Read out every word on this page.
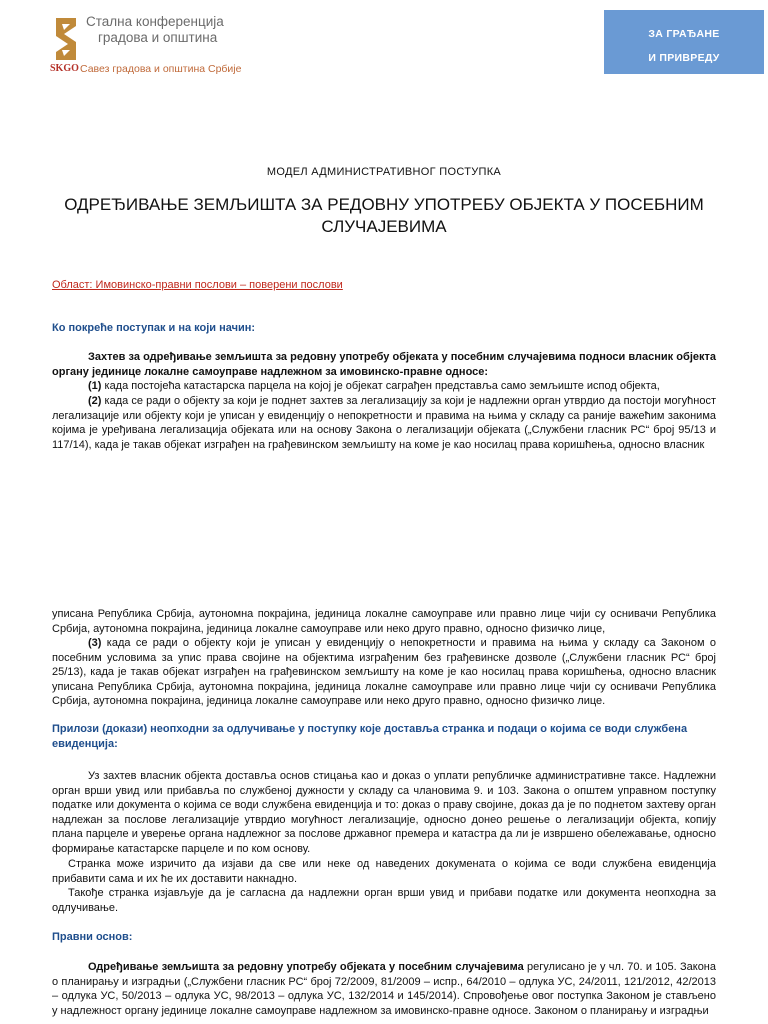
Стална конференција
градова и општина
SKGO Савез градова и општина Србије
ЗА ГРАЂАНЕ
И ПРИВРЕДУ
МОДЕЛ АДМИНИСТРАТИВНОГ ПОСТУПКА
ОДРЕЂИВАЊЕ ЗЕМЉИШТА ЗА РЕДОВНУ УПОТРЕБУ ОБЈЕКТА У ПОСЕБНИМ СЛУЧАЈЕВИМА
Област: Имовинско-правни послови – поверени послови
Ко покреће поступак и на који начин:

Захтев за одређивање земљишта за редовну употребу објеката у посебним случајевима подноси власник објекта органу јединице локалне самоуправе надлежном за имовинско-правне односе:

(1) када постојећа катастарска парцела на којој је објекат саграђен представља само земљиште испод објекта,

(2) када се ради о објекту за који је поднет захтев за легализацију за који је надлежни орган утврдио да постоји могућност легализације или објекту који је уписан у евиденцију о непокретности и правима на њима у складу са раније важећим законима којима је уређивана легализација објеката или на основу Закона о легализацији објеката („Службени гласник РС“ број 95/13 и 117/14), када је такав објекат изграђен на грађевинском земљишту на коме је као носилац права коришћења, односно власник

уписана Република Србија, аутономна покрајина, јединица локалне самоуправе или правно лице чији су оснивачи Република Србија, аутономна покрајина, јединица локалне самоуправе или неко друго правно, односно физичко лице,

(3) када се ради о објекту који је уписан у евиденцију о непокретности и правима на њима у складу са Законом о посебним условима за упис права својине на објектима изграђеним без грађевинске дозволе („Службени гласник РС“ број 25/13), када је такав објекат изграђен на грађевинском земљишту на коме је као носилац права коришћења, односно власник уписана Република Србија, аутономна покрајина, јединица локалне самоуправе или правно лице чији су оснивачи Република Србија, аутономна покрајина, јединица локалне самоуправе или неко друго правно, односно физичко лице.

Прилози (докази) неопходни за одлучивање у поступку које доставља странка и подаци о којима се води службена евиденција:

Уз захтев власник објекта доставља основ стицања као и доказ о уплати републичке административне таксе. Надлежни орган врши увид или прибавља по службеној дужности у складу са члановима 9. и 103. Закона о општем управном поступку податке или документа о којима се води службена евиденција и то: доказ о праву својине, доказ да је по поднетом захтеву орган надлежан за послове легализације утврдио могућност легализације, односно донео решење о легализацији објекта, копију плана парцеле и уверење органа надлежног за послове државног премера и катастра да ли је извршено обележавање, односно формирање катастарске парцеле и по ком основу.

Странка може изричито да изјави да све или неке од наведених докумената о којима се води службена евиденција прибавити сама и их ће их доставити накнадно.

Такође странка изјављује да је сагласна да надлежни орган врши увид и прибави податке или документа неопходна за одлучивање.

Правни основ:

Одређивање земљишта за редовну употребу објеката у посебним случајевима регулисано је у чл. 70. и 105. Закона о планирању и изградњи („Службени гласник РС“ број 72/2009, 81/2009 – испр., 64/2010 – одлука УС, 24/2011, 121/2012, 42/2013 – одлука УС, 50/2013 – одлука УС, 98/2013 – одлука УС, 132/2014 и 145/2014). Спровођење овог поступка Законом је стављено у надлежност органу јединице локалне самоуправе надлежном за имовинско-правне односе. Законом о планирању и изградњи
